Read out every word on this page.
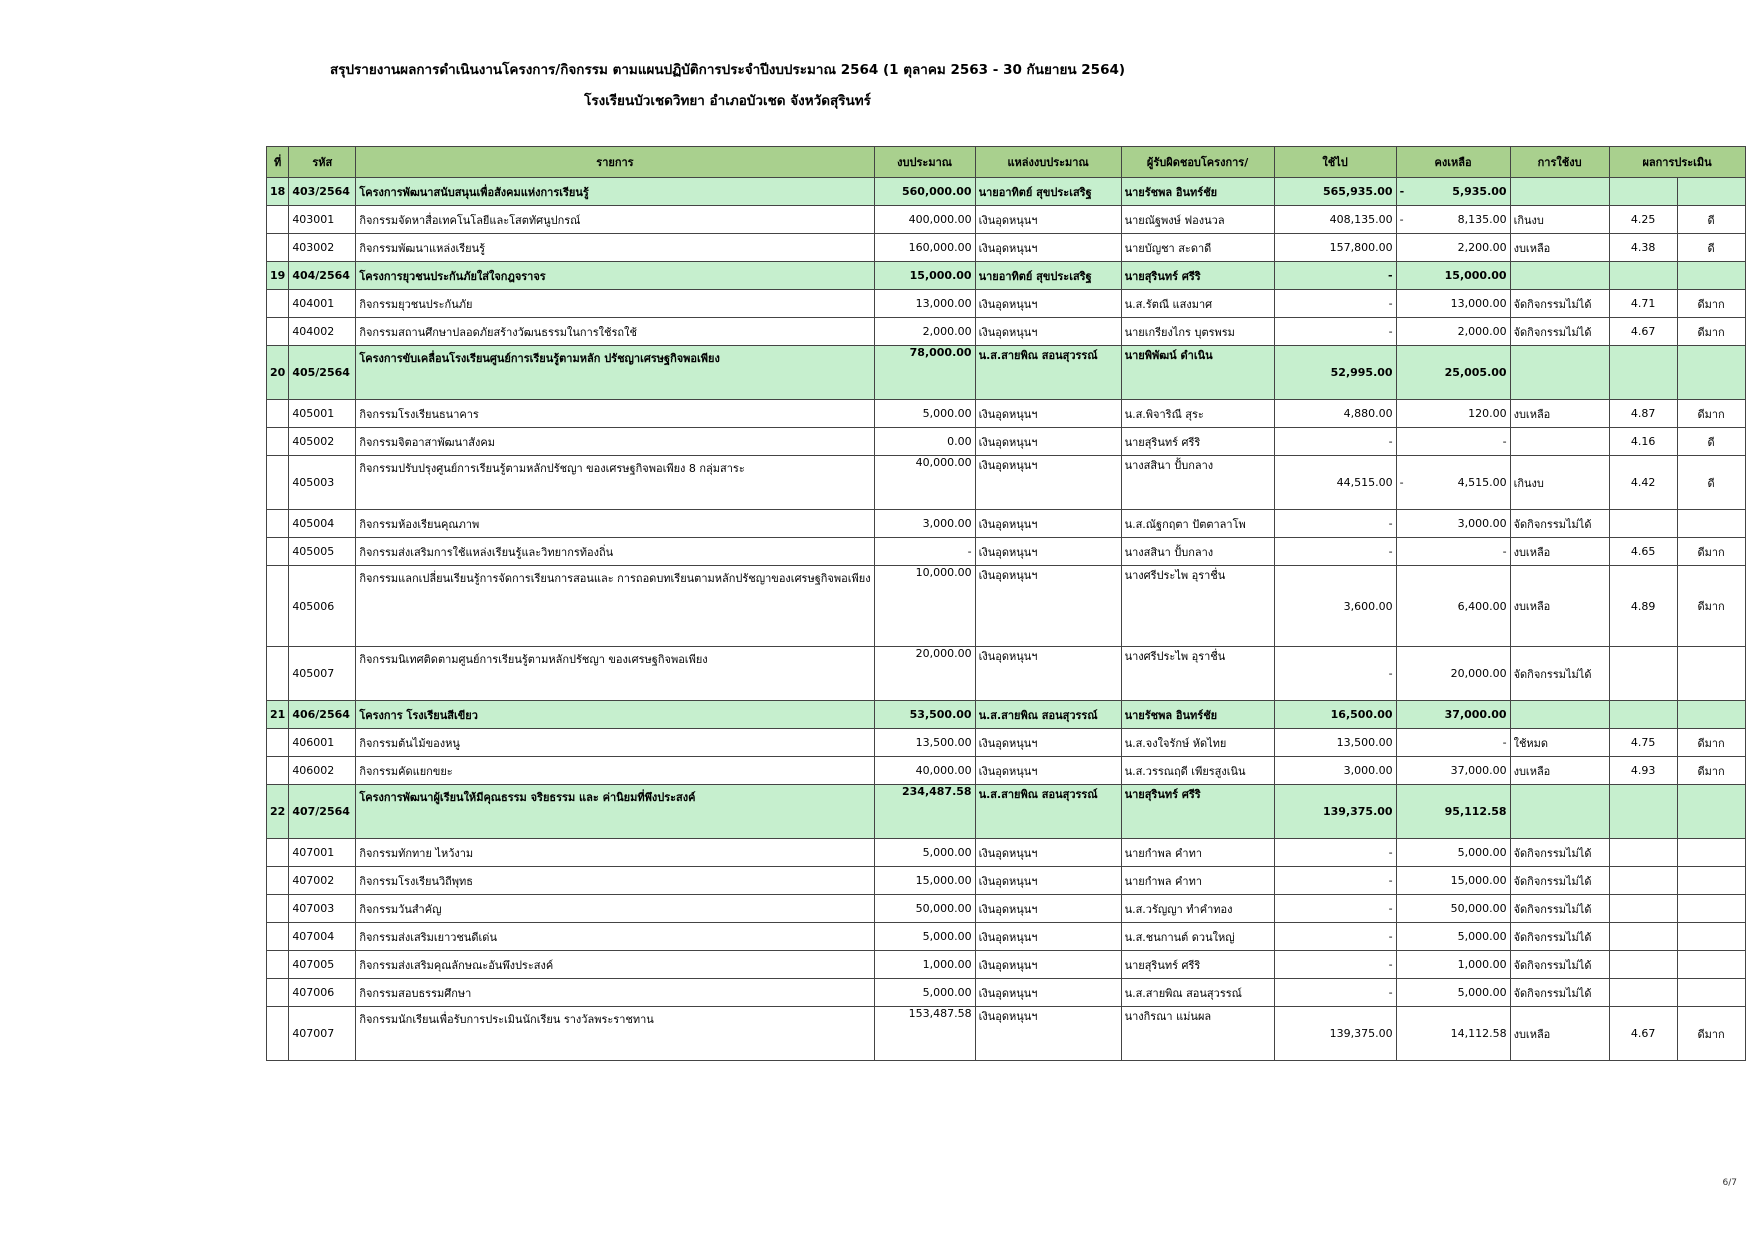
สรุปรายงานผลการดำเนินงานโครงการ/กิจกรรม ตามแผนปฏิบัติการประจำปีงบประมาณ 2564 (1 ตุลาคม 2563 - 30 กันยายน 2564)
โรงเรียนบัวเชดวิทยา อำเภอบัวเชด จังหวัดสุรินทร์
ที่	รหัส	รายการ	งบประมาณ	แหล่งงบประมาณ	ผู้รับผิดชอบโครงการ/	ใช้ไป	คงเหลือ	การใช้งบ	ผลการประเมิน	
18	403/2564	โครงการพัฒนาสนับสนุนเพื่อสังคมแห่งการเรียนรู้	560,000.00	นายอาทิตย์ สุขประเสริฐ	นายรัชพล อินทร์ชัย	565,935.00	- 5,935.00			
	403001	กิจกรรมจัดหาสื่อเทคโนโลยีและโสตทัศนูปกรณ์	400,000.00	เงินอุดหนุนฯ	นายณัฐพงษ์ ฟองนวล	408,135.00	- 8,135.00	เกินงบ	4.25	ดี
	403002	กิจกรรมพัฒนาแหล่งเรียนรู้	160,000.00	เงินอุดหนุนฯ	นายบัญชา สะดาดี	157,800.00	2,200.00	งบเหลือ	4.38	ดี
19	404/2564	โครงการยุวชนประกันภัยใส่ใจกฎจราจร	15,000.00	นายอาทิตย์ สุขประเสริฐ	นายสุรินทร์ ศรีริ	-	15,000.00			
	404001	กิจกรรมยุวชนประกันภัย	13,000.00	เงินอุดหนุนฯ	น.ส.รัตณี แสงมาศ	-	13,000.00	จัดกิจกรรมไม่ได้	4.71	ดีมาก
	404002	กิจกรรมสถานศึกษาปลอดภัยสร้างวัฒนธรรมในการใช้รถใช้	2,000.00	เงินอุดหนุนฯ	นายเกรียงไกร บุตรพรม	-	2,000.00	จัดกิจกรรมไม่ได้	4.67	ดีมาก
20	405/2564	โครงการขับเคลื่อนโรงเรียนศูนย์การเรียนรู้ตามหลัก ปรัชญาเศรษฐกิจพอเพียง	78,000.00	น.ส.สายพิณ สอนสุวรรณ์	นายพิพัฒน์ ดำเนิน	52,995.00	25,005.00			
	405001	กิจกรรมโรงเรียนธนาคาร	5,000.00	เงินอุดหนุนฯ	น.ส.พิจาริณี สุระ	4,880.00	120.00	งบเหลือ	4.87	ดีมาก
	405002	กิจกรรมจิตอาสาพัฒนาสังคม	0.00	เงินอุดหนุนฯ	นายสุรินทร์ ศรีริ	-	-		4.16	ดี
	405003	กิจกรรมปรับปรุงศูนย์การเรียนรู้ตามหลักปรัชญา ของเศรษฐกิจพอเพียง 8 กลุ่มสาระ	40,000.00	เงินอุดหนุนฯ	นางสสินา ปั้บกลาง	44,515.00	- 4,515.00	เกินงบ	4.42	ดี
	405004	กิจกรรมห้องเรียนคุณภาพ	3,000.00	เงินอุดหนุนฯ	น.ส.ณัฐกฤตา ปัตตาลาโพ	-	3,000.00	จัดกิจกรรมไม่ได้		
	405005	กิจกรรมส่งเสริมการใช้แหล่งเรียนรู้และวิทยากรท้องถิ่น	-	เงินอุดหนุนฯ	นางสสินา ปั้บกลาง	-	-	งบเหลือ	4.65	ดีมาก
	405006	กิจกรรมแลกเปลี่ยนเรียนรู้การจัดการเรียนการสอนและ การถอดบทเรียนตามหลักปรัชญาของเศรษฐกิจพอเพียง	10,000.00	เงินอุดหนุนฯ	นางศรีประไพ อุราชื่น	3,600.00	6,400.00	งบเหลือ	4.89	ดีมาก
	405007	กิจกรรมนิเทศติดตามศูนย์การเรียนรู้ตามหลักปรัชญา ของเศรษฐกิจพอเพียง	20,000.00	เงินอุดหนุนฯ	นางศรีประไพ อุราชื่น	-	20,000.00	จัดกิจกรรมไม่ได้		
21	406/2564	โครงการ โรงเรียนสีเขียว	53,500.00	น.ส.สายพิณ สอนสุวรรณ์	นายรัชพล อินทร์ชัย	16,500.00	37,000.00			
	406001	กิจกรรมต้นไม้ของหนู	13,500.00	เงินอุดหนุนฯ	น.ส.จงใจรักษ์ หัดไทย	13,500.00	-	ใช้หมด	4.75	ดีมาก
	406002	กิจกรรมคัดแยกขยะ	40,000.00	เงินอุดหนุนฯ	น.ส.วรรณฤดี เพียรสูงเนิน	3,000.00	37,000.00	งบเหลือ	4.93	ดีมาก
22	407/2564	โครงการพัฒนาผู้เรียนให้มีคุณธรรม จริยธรรม และ ค่านิยมที่พึงประสงค์	234,487.58	น.ส.สายพิณ สอนสุวรรณ์	นายสุรินทร์ ศรีริ	139,375.00	95,112.58			
	407001	กิจกรรมทักทาย ไหว้งาม	5,000.00	เงินอุดหนุนฯ	นายกำพล คำทา	-	5,000.00	จัดกิจกรรมไม่ได้		
	407002	กิจกรรมโรงเรียนวิถีพุทธ	15,000.00	เงินอุดหนุนฯ	นายกำพล คำทา	-	15,000.00	จัดกิจกรรมไม่ได้		
	407003	กิจกรรมวันสำคัญ	50,000.00	เงินอุดหนุนฯ	น.ส.วรัญญา ทำคำทอง	-	50,000.00	จัดกิจกรรมไม่ได้		
	407004	กิจกรรมส่งเสริมเยาวชนดีเด่น	5,000.00	เงินอุดหนุนฯ	น.ส.ชนกานต์ ดวนใหญ่	-	5,000.00	จัดกิจกรรมไม่ได้		
	407005	กิจกรรมส่งเสริมคุณลักษณะอันพึงประสงค์	1,000.00	เงินอุดหนุนฯ	นายสุรินทร์ ศรีริ	-	1,000.00	จัดกิจกรรมไม่ได้		
	407006	กิจกรรมสอบธรรมศึกษา	5,000.00	เงินอุดหนุนฯ	น.ส.สายพิณ สอนสุวรรณ์	-	5,000.00	จัดกิจกรรมไม่ได้		
	407007	กิจกรรมนักเรียนเพื่อรับการประเมินนักเรียน รางวัลพระราชทาน	153,487.58	เงินอุดหนุนฯ	นางกิรณา แม่นผล	139,375.00	14,112.58	งบเหลือ	4.67	ดีมาก
6/7
